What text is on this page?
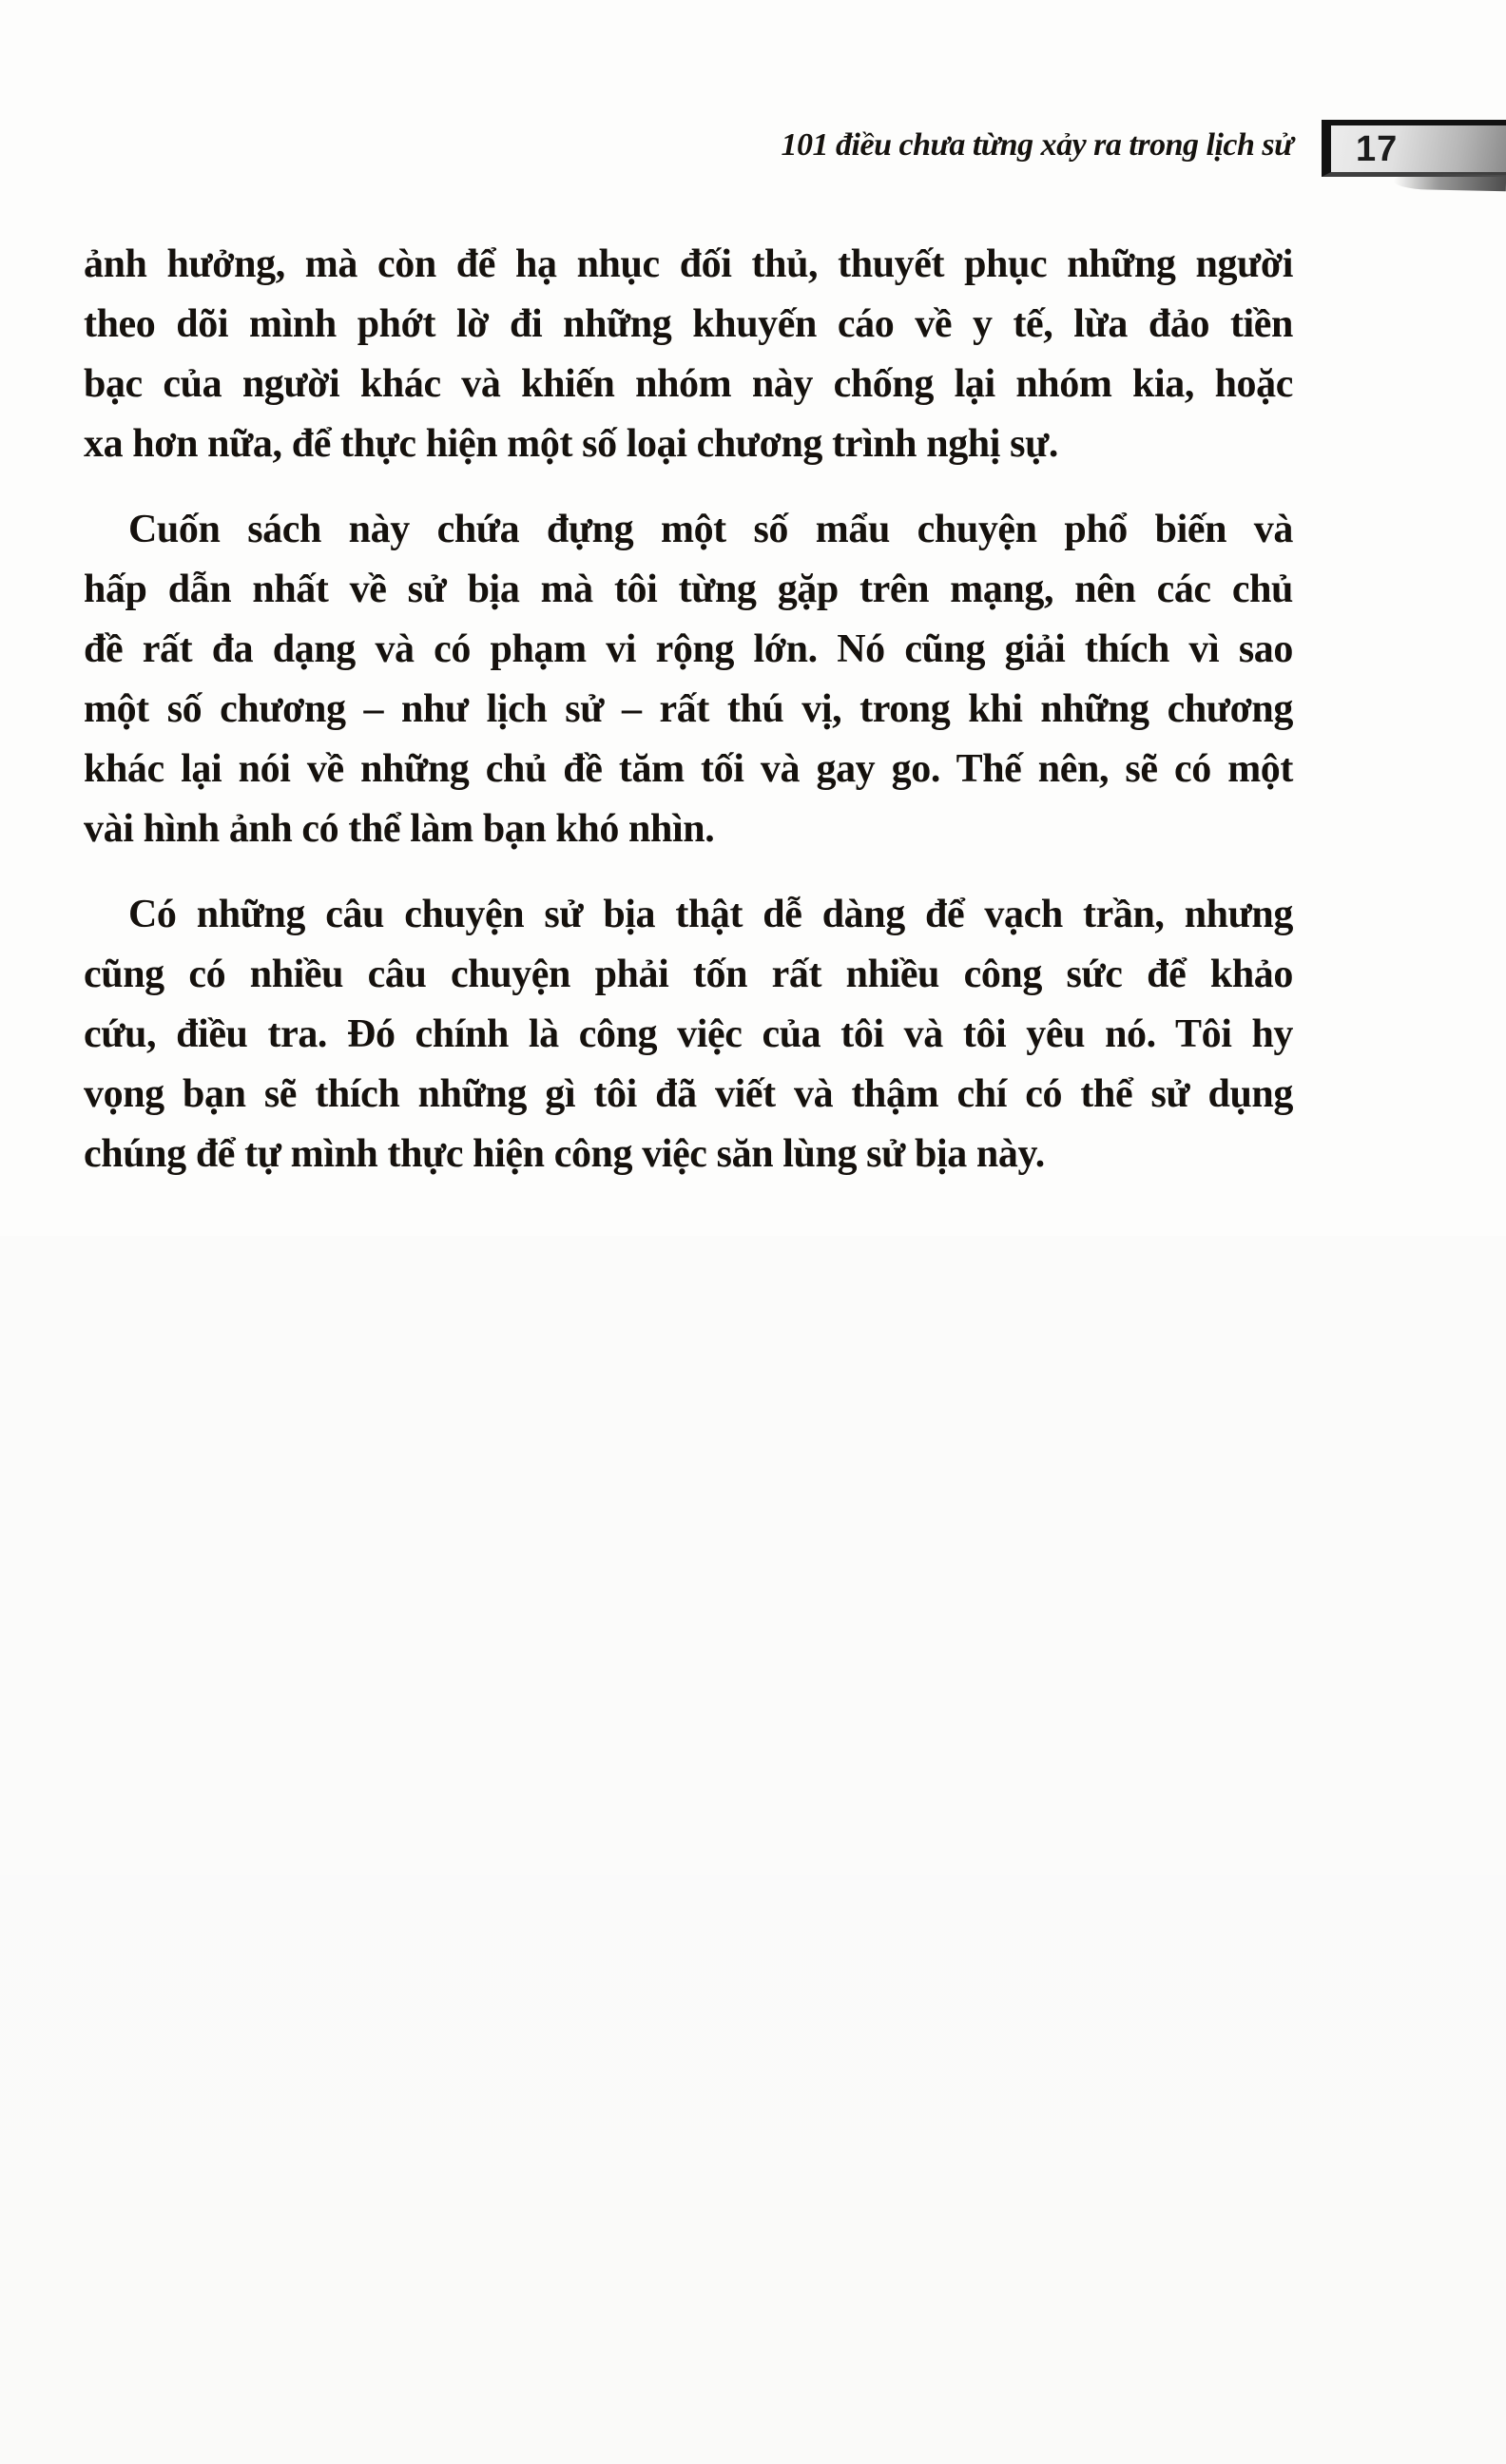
101 điều chưa từng xảy ra trong lịch sử 17
ảnh hưởng, mà còn để hạ nhục đối thủ, thuyết phục những người
theo dõi mình phớt lờ đi những khuyến cáo về y tế, lừa đảo tiền
bạc của người khác và khiến nhóm này chống lại nhóm kia, hoặc
xa hơn nữa, để thực hiện một số loại chương trình nghị sự.
Cuốn sách này chứa đựng một số mẩu chuyện phổ biến và
hấp dẫn nhất về sử bịa mà tôi từng gặp trên mạng, nên các chủ
đề rất đa dạng và có phạm vi rộng lớn. Nó cũng giải thích vì sao
một số chương – như lịch sử – rất thú vị, trong khi những chương
khác lại nói về những chủ đề tăm tối và gay go. Thế nên, sẽ có một
vài hình ảnh có thể làm bạn khó nhìn.
Có những câu chuyện sử bịa thật dễ dàng để vạch trần, nhưng
cũng có nhiều câu chuyện phải tốn rất nhiều công sức để khảo
cứu, điều tra. Đó chính là công việc của tôi và tôi yêu nó. Tôi hy
vọng bạn sẽ thích những gì tôi đã viết và thậm chí có thể sử dụng
chúng để tự mình thực hiện công việc săn lùng sử bịa này.
